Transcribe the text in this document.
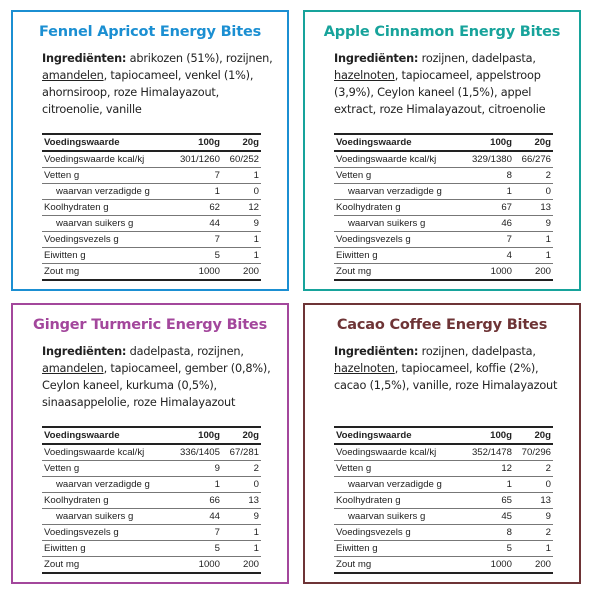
Fennel Apricot Energy Bites
Ingrediënten: abrikozen (51%), rozijnen, amandelen, tapiocameel, venkel (1%), ahornsiroop, roze Himalayazout, citroenolie, vanille
Voedingswaarde	100g	20g
Voedingswaarde kcal/kj	301/1260	60/252
Vetten g	7	1
waarvan verzadigde g	1	0
Koolhydraten g	62	12
waarvan suikers g	44	9
Voedingsvezels g	7	1
Eiwitten g	5	1
Zout mg	1000	200
Apple Cinnamon Energy Bites
Ingrediënten: rozijnen, dadelpasta, hazelnoten, tapiocameel, appelstroop (3,9%), Ceylon kaneel (1,5%), appel extract, roze Himalayazout, citroenolie
Voedingswaarde	100g	20g
Voedingswaarde kcal/kj	329/1380	66/276
Vetten g	8	2
waarvan verzadigde g	1	0
Koolhydraten g	67	13
waarvan suikers g	46	9
Voedingsvezels g	7	1
Eiwitten g	4	1
Zout mg	1000	200
Ginger Turmeric Energy Bites
Ingrediënten: dadelpasta, rozijnen, amandelen, tapiocameel, gember (0,8%), Ceylon kaneel, kurkuma (0,5%), sinaasappelolie, roze Himalayazout
Voedingswaarde	100g	20g
Voedingswaarde kcal/kj	336/1405	67/281
Vetten g	9	2
waarvan verzadigde g	1	0
Koolhydraten g	66	13
waarvan suikers g	44	9
Voedingsvezels g	7	1
Eiwitten g	5	1
Zout mg	1000	200
Cacao Coffee Energy Bites
Ingrediënten: rozijnen, dadelpasta, hazelnoten, tapiocameel, koffie (2%), cacao (1,5%), vanille, roze Himalayazout
Voedingswaarde	100g	20g
Voedingswaarde kcal/kj	352/1478	70/296
Vetten g	12	2
waarvan verzadigde g	1	0
Koolhydraten g	65	13
waarvan suikers g	45	9
Voedingsvezels g	8	2
Eiwitten g	5	1
Zout mg	1000	200
